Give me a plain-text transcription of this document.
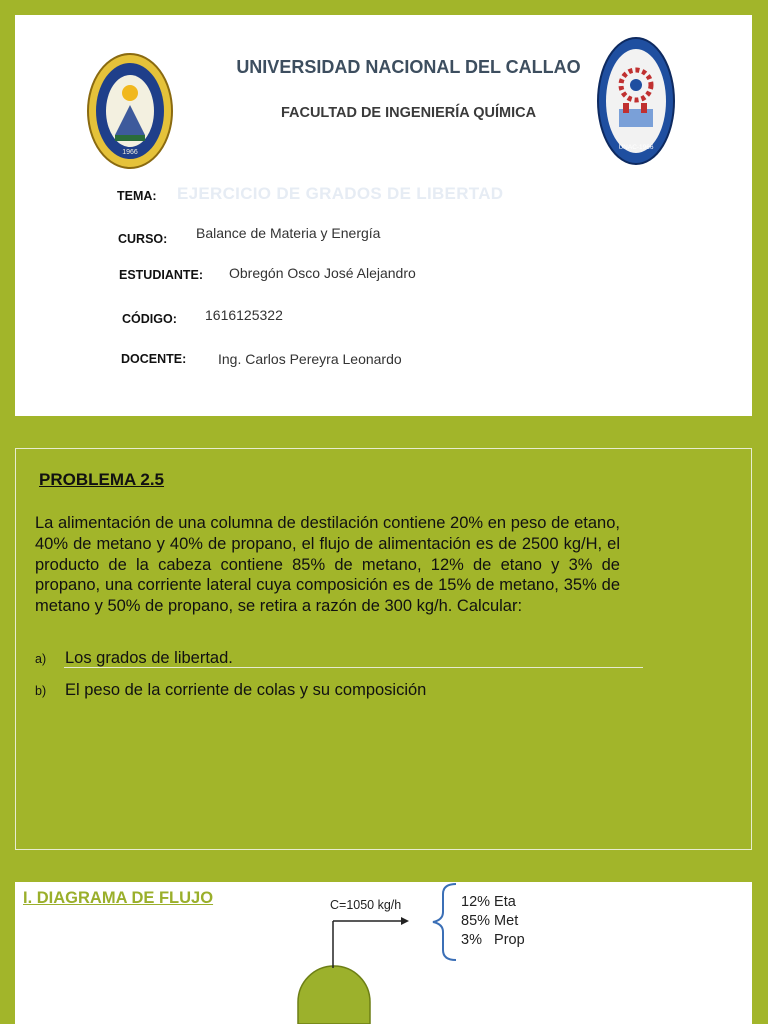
1966
UNIVERSIDAD NACIONAL DEL CALLAO
FACULTAD DE INGENIERÍA QUÍMICA
UNAC-1966
TEMA: EJERCICIO DE GRADOS DE LIBERTAD
CURSO: Balance de Materia y Energía
ESTUDIANTE: Obregón Osco José Alejandro
CÓDIGO: 1616125322
DOCENTE: Ing. Carlos Pereyra Leonardo
PROBLEMA 2.5
La alimentación de una columna de destilación contiene 20% en peso de etano, 40% de metano y 40% de propano, el flujo de alimentación es de 2500 kg/H, el producto de la cabeza contiene 85% de metano, 12% de etano y 3% de propano, una corriente lateral cuya composición es de 15% de metano, 35% de metano y 50% de propano, se retira a razón de 300 kg/h. Calcular:
a) Los grados de libertad.
b) El peso de la corriente de colas y su composición
I. DIAGRAMA DE FLUJO	C=1050 kg/h	12% Eta
85% Met
3%   Prop
